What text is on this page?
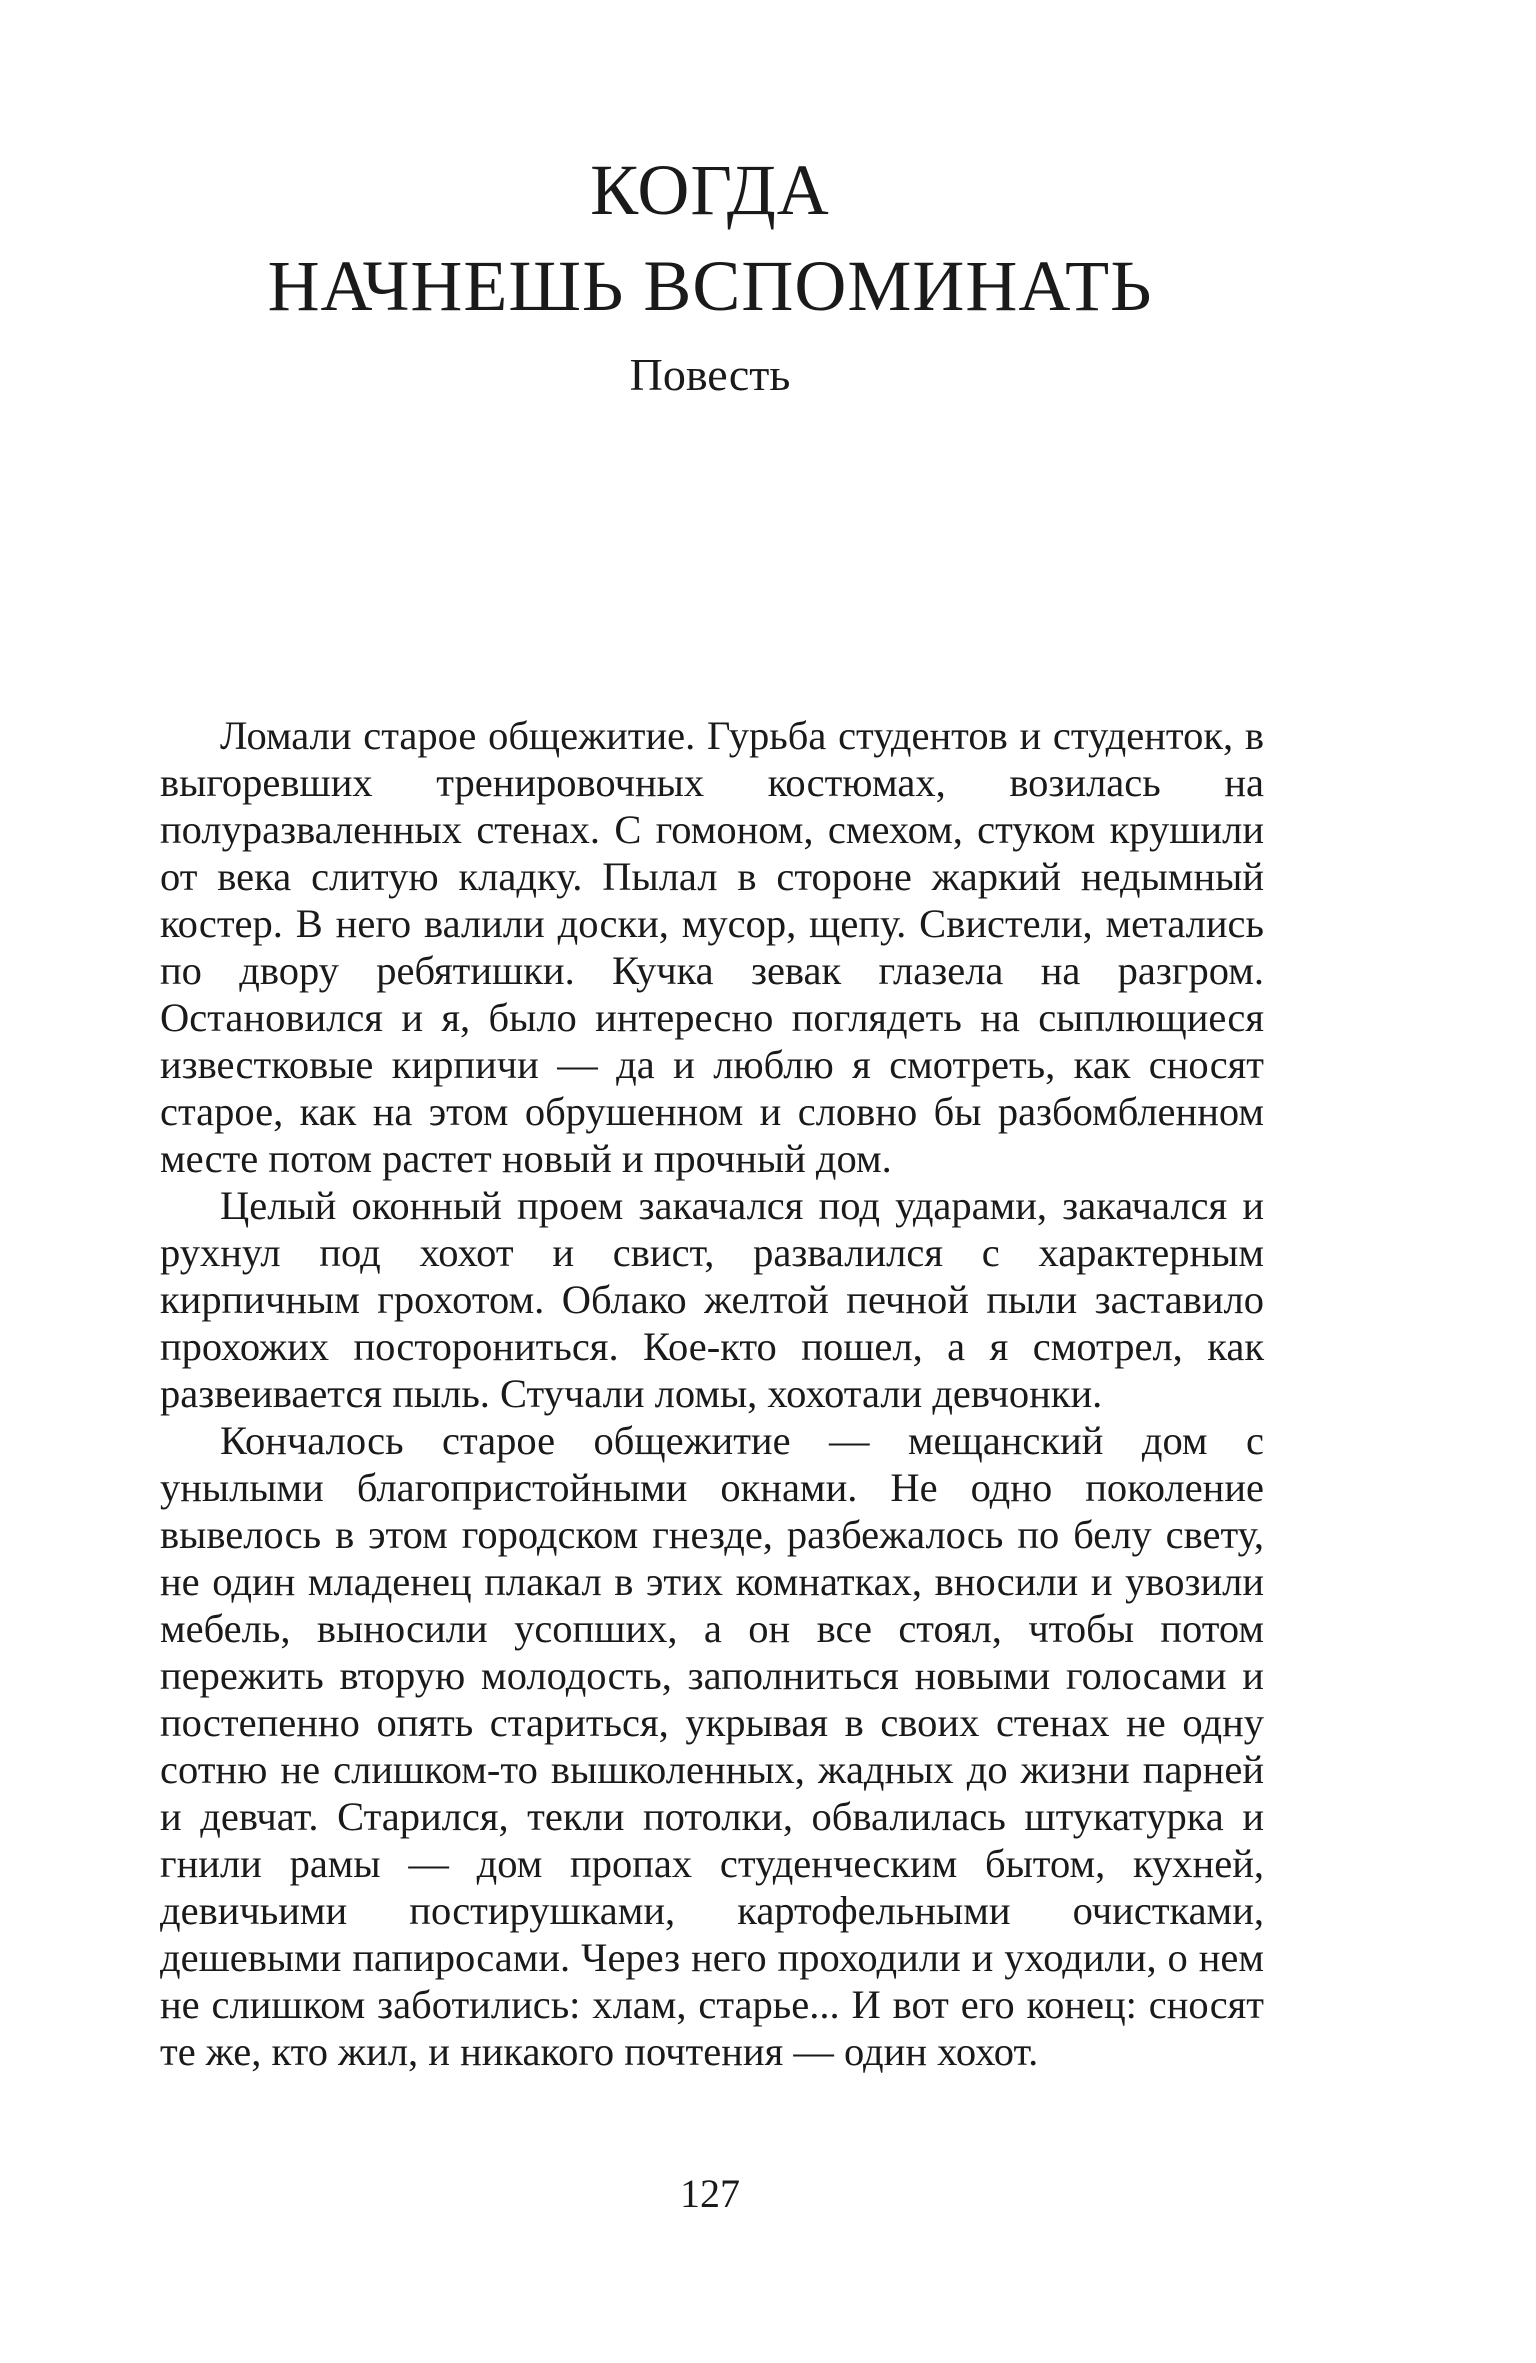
КОГДА
НАЧНЕШЬ ВСПОМИНАТЬ
Повесть

Ломали старое общежитие. Гурьба студентов и студенток, в выгоревших тренировочных костюмах, возилась на полуразваленных стенах. С гомоном, смехом, стуком крушили от века слитую кладку. Пылал в стороне жаркий недымный костер. В него валили доски, мусор, щепу. Свистели, метались по двору ребятишки. Кучка зевак глазела на разгром. Остановился и я, было интересно поглядеть на сыплющиеся известковые кирпичи — да и люблю я смотреть, как сносят старое, как на этом обрушенном и словно бы разбомбленном месте потом растет новый и прочный дом.

Целый оконный проем закачался под ударами, закачался и рухнул под хохот и свист, развалился с характерным кирпичным грохотом. Облако желтой печной пыли заставило прохожих посторониться. Кое-кто пошел, а я смотрел, как развеивается пыль. Стучали ломы, хохотали девчонки.

Кончалось старое общежитие — мещанский дом с унылыми благопристойными окнами. Не одно поколение вывелось в этом городском гнезде, разбежалось по белу свету, не один младенец плакал в этих комнатках, вносили и увозили мебель, выносили усопших, а он все стоял, чтобы потом пережить вторую молодость, заполниться новыми голосами и постепенно опять стариться, укрывая в своих стенах не одну сотню не слишком-то вышколенных, жадных до жизни парней и девчат. Старился, текли потолки, обвалилась штукатурка и гнили рамы — дом пропах студенческим бытом, кухней, девичьими постирушками, картофельными очистками, дешевыми папиросами. Через него проходили и уходили, о нем не слишком заботились: хлам, старье... И вот его конец: сносят те же, кто жил, и никакого почтения — один хохот.

127
